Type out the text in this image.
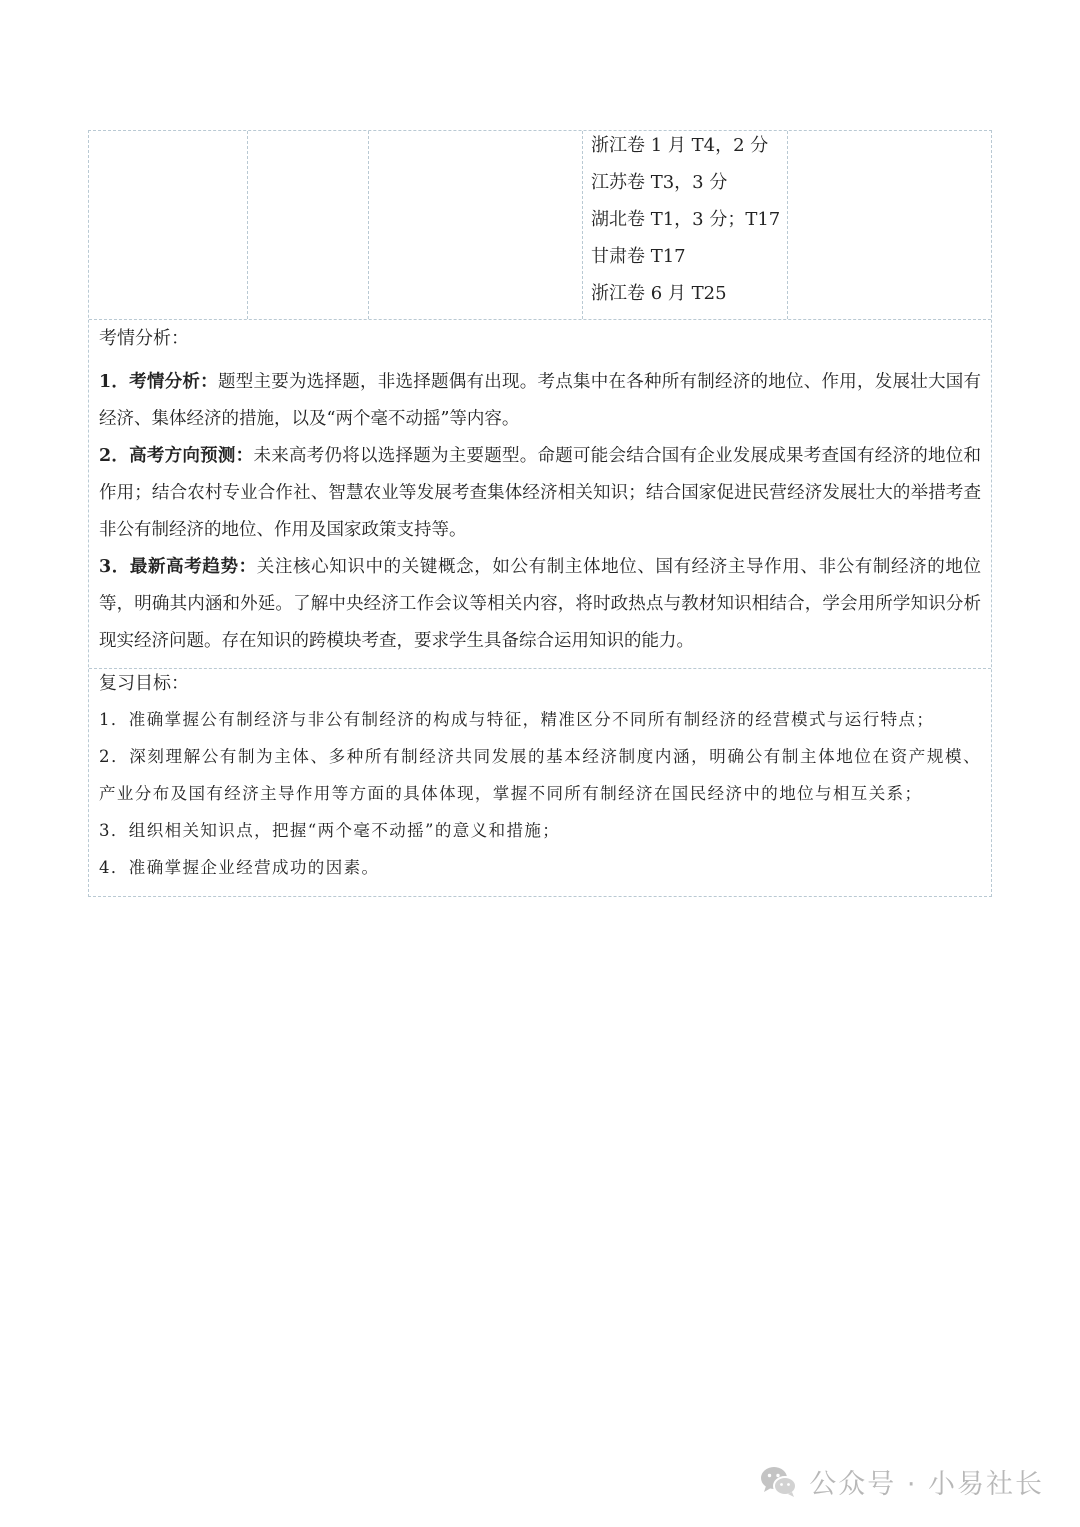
浙江卷 1 月 T4，2 分
江苏卷 T3，3 分
湖北卷 T1，3 分；T17
甘肃卷 T17
浙江卷 6 月 T25
考情分析：

1．考情分析：题型主要为选择题，非选择题偶有出现。考点集中在各种所有制经济的地位、作用，发展壮大国有经济、集体经济的措施，以及“两个毫不动摇”等内容。

2．高考方向预测：未来高考仍将以选择题为主要题型。命题可能会结合国有企业发展成果考查国有经济的地位和作用；结合农村专业合作社、智慧农业等发展考查集体经济相关知识；结合国家促进民营经济发展壮大的举措考查非公有制经济的地位、作用及国家政策支持等。

3．最新高考趋势：关注核心知识中的关键概念，如公有制主体地位、国有经济主导作用、非公有制经济的地位等，明确其内涵和外延。了解中央经济工作会议等相关内容，将时政热点与教材知识相结合，学会用所学知识分析现实经济问题。存在知识的跨模块考查，要求学生具备综合运用知识的能力。

复习目标：

1．准确掌握公有制经济与非公有制经济的构成与特征，精准区分不同所有制经济的经营模式与运行特点；

2．深刻理解公有制为主体、多种所有制经济共同发展的基本经济制度内涵，明确公有制主体地位在资产规模、产业分布及国有经济主导作用等方面的具体体现，掌握不同所有制经济在国民经济中的地位与相互关系；

3．组织相关知识点，把握“两个毫不动摇”的意义和措施；

4．准确掌握企业经营成功的因素。

公众号 · 小易社长
